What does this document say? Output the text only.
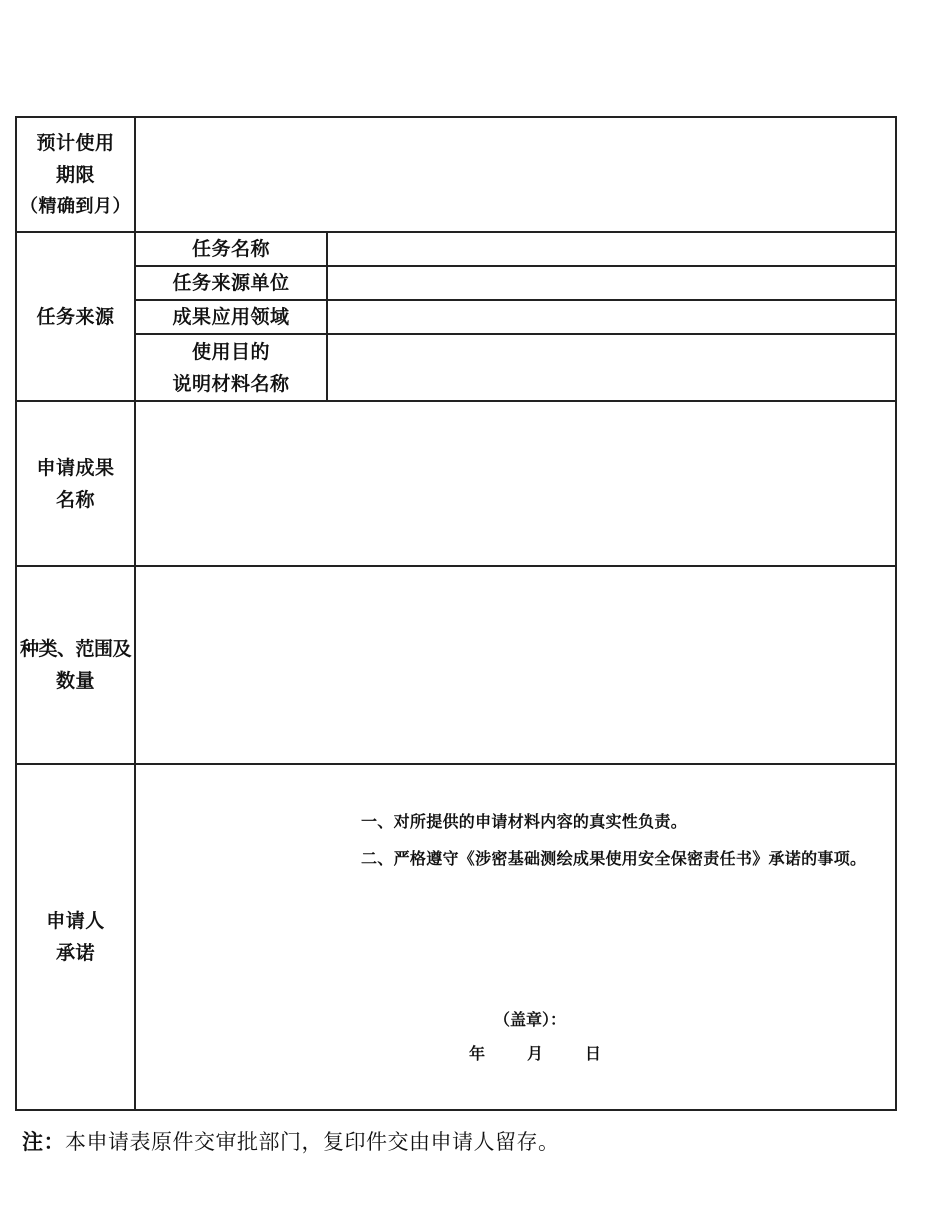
预计使用
期限
（精确到月）
任务来源
任务名称
任务来源单位
成果应用领域
使用目的
说明材料名称
申请成果
名称
种类、范围及
数量
申请人
承诺
一、对所提供的申请材料内容的真实性负责。
二、严格遵守《涉密基础测绘成果使用安全保密责任书》承诺的事项。
（盖章）：
年	月	日
注：本申请表原件交审批部门，复印件交由申请人留存。
